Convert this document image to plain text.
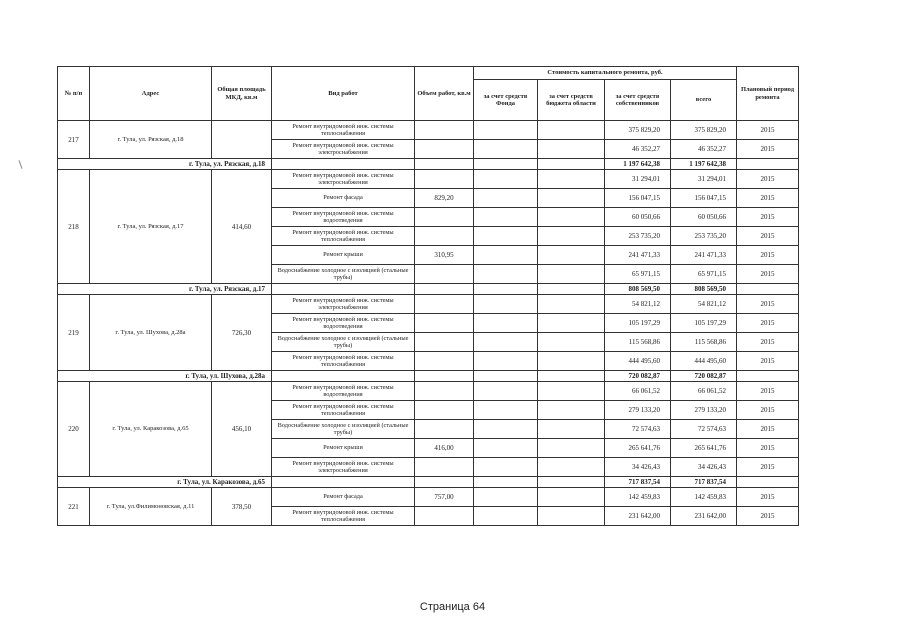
№ п/п	Адрес	Общая площадь МКД, кв.м	Вид работ	Объем работ, кв.м	Стоимость капитального ремонта, руб.				Плановый период ремонта
					за счет средств Фонда	за счет средств бюджета области	за счет средств собственников	всего	
217	г. Тула, ул. Рязская, д.18		Ремонт внутридомовой инж. системы теплоснабжения				375 829,20	375 829,20	2015
			Ремонт внутридомовой инж. системы электроснабжения				46 352,27	46 352,27	2015
г. Тула, ул. Рязская, д.18							1 197 642,38	1 197 642,38	
218	г. Тула, ул. Рязская, д.17	414,60	Ремонт внутридомовой инж. системы электроснабжения				31 294,01	31 294,01	2015
			Ремонт фасада	829,20			156 047,15	156 047,15	2015
			Ремонт внутридомовой инж. системы водоотведения				60 050,66	60 050,66	2015
			Ремонт внутридомовой инж. системы теплоснабжения				253 735,20	253 735,20	2015
			Ремонт крыши	310,95			241 471,33	241 471,33	2015
			Водоснабжение холодное с изоляцией (стальные трубы)				65 971,15	65 971,15	2015
г. Тула, ул. Рязская, д.17							808 569,50	808 569,50	
219	г. Тула, ул. Шухова, д.28а	726,30	Ремонт внутридомовой инж. системы электроснабжения				54 821,12	54 821,12	2015
			Ремонт внутридомовой инж. системы водоотведения				105 197,29	105 197,29	2015
			Водоснабжение холодное с изоляцией (стальные трубы)				115 568,86	115 568,86	2015
			Ремонт внутридомовой инж. системы теплоснабжения				444 495,60	444 495,60	2015
г. Тула, ул. Шухова, д.28а							720 082,87	720 082,87	
220	г. Тула, ул. Каракозова, д.65	456,10	Ремонт внутридомовой инж. системы водоотведения				66 061,52	66 061,52	2015
			Ремонт внутридомовой инж. системы теплоснабжения				279 133,20	279 133,20	2015
			Водоснабжение холодное с изоляцией (стальные трубы)				72 574,63	72 574,63	2015
			Ремонт крыши	416,00			265 641,76	265 641,76	2015
			Ремонт внутридомовой инж. системы электроснабжения				34 426,43	34 426,43	2015
г. Тула, ул. Каракозова, д.65							717 837,54	717 837,54	
221	г. Тула, ул.Филимоновская, д.11	378,50	Ремонт фасада	757,00			142 459,83	142 459,83	2015
			Ремонт внутридомовой инж. системы теплоснабжения				231 642,00	231 642,00	2015
Страница 64
